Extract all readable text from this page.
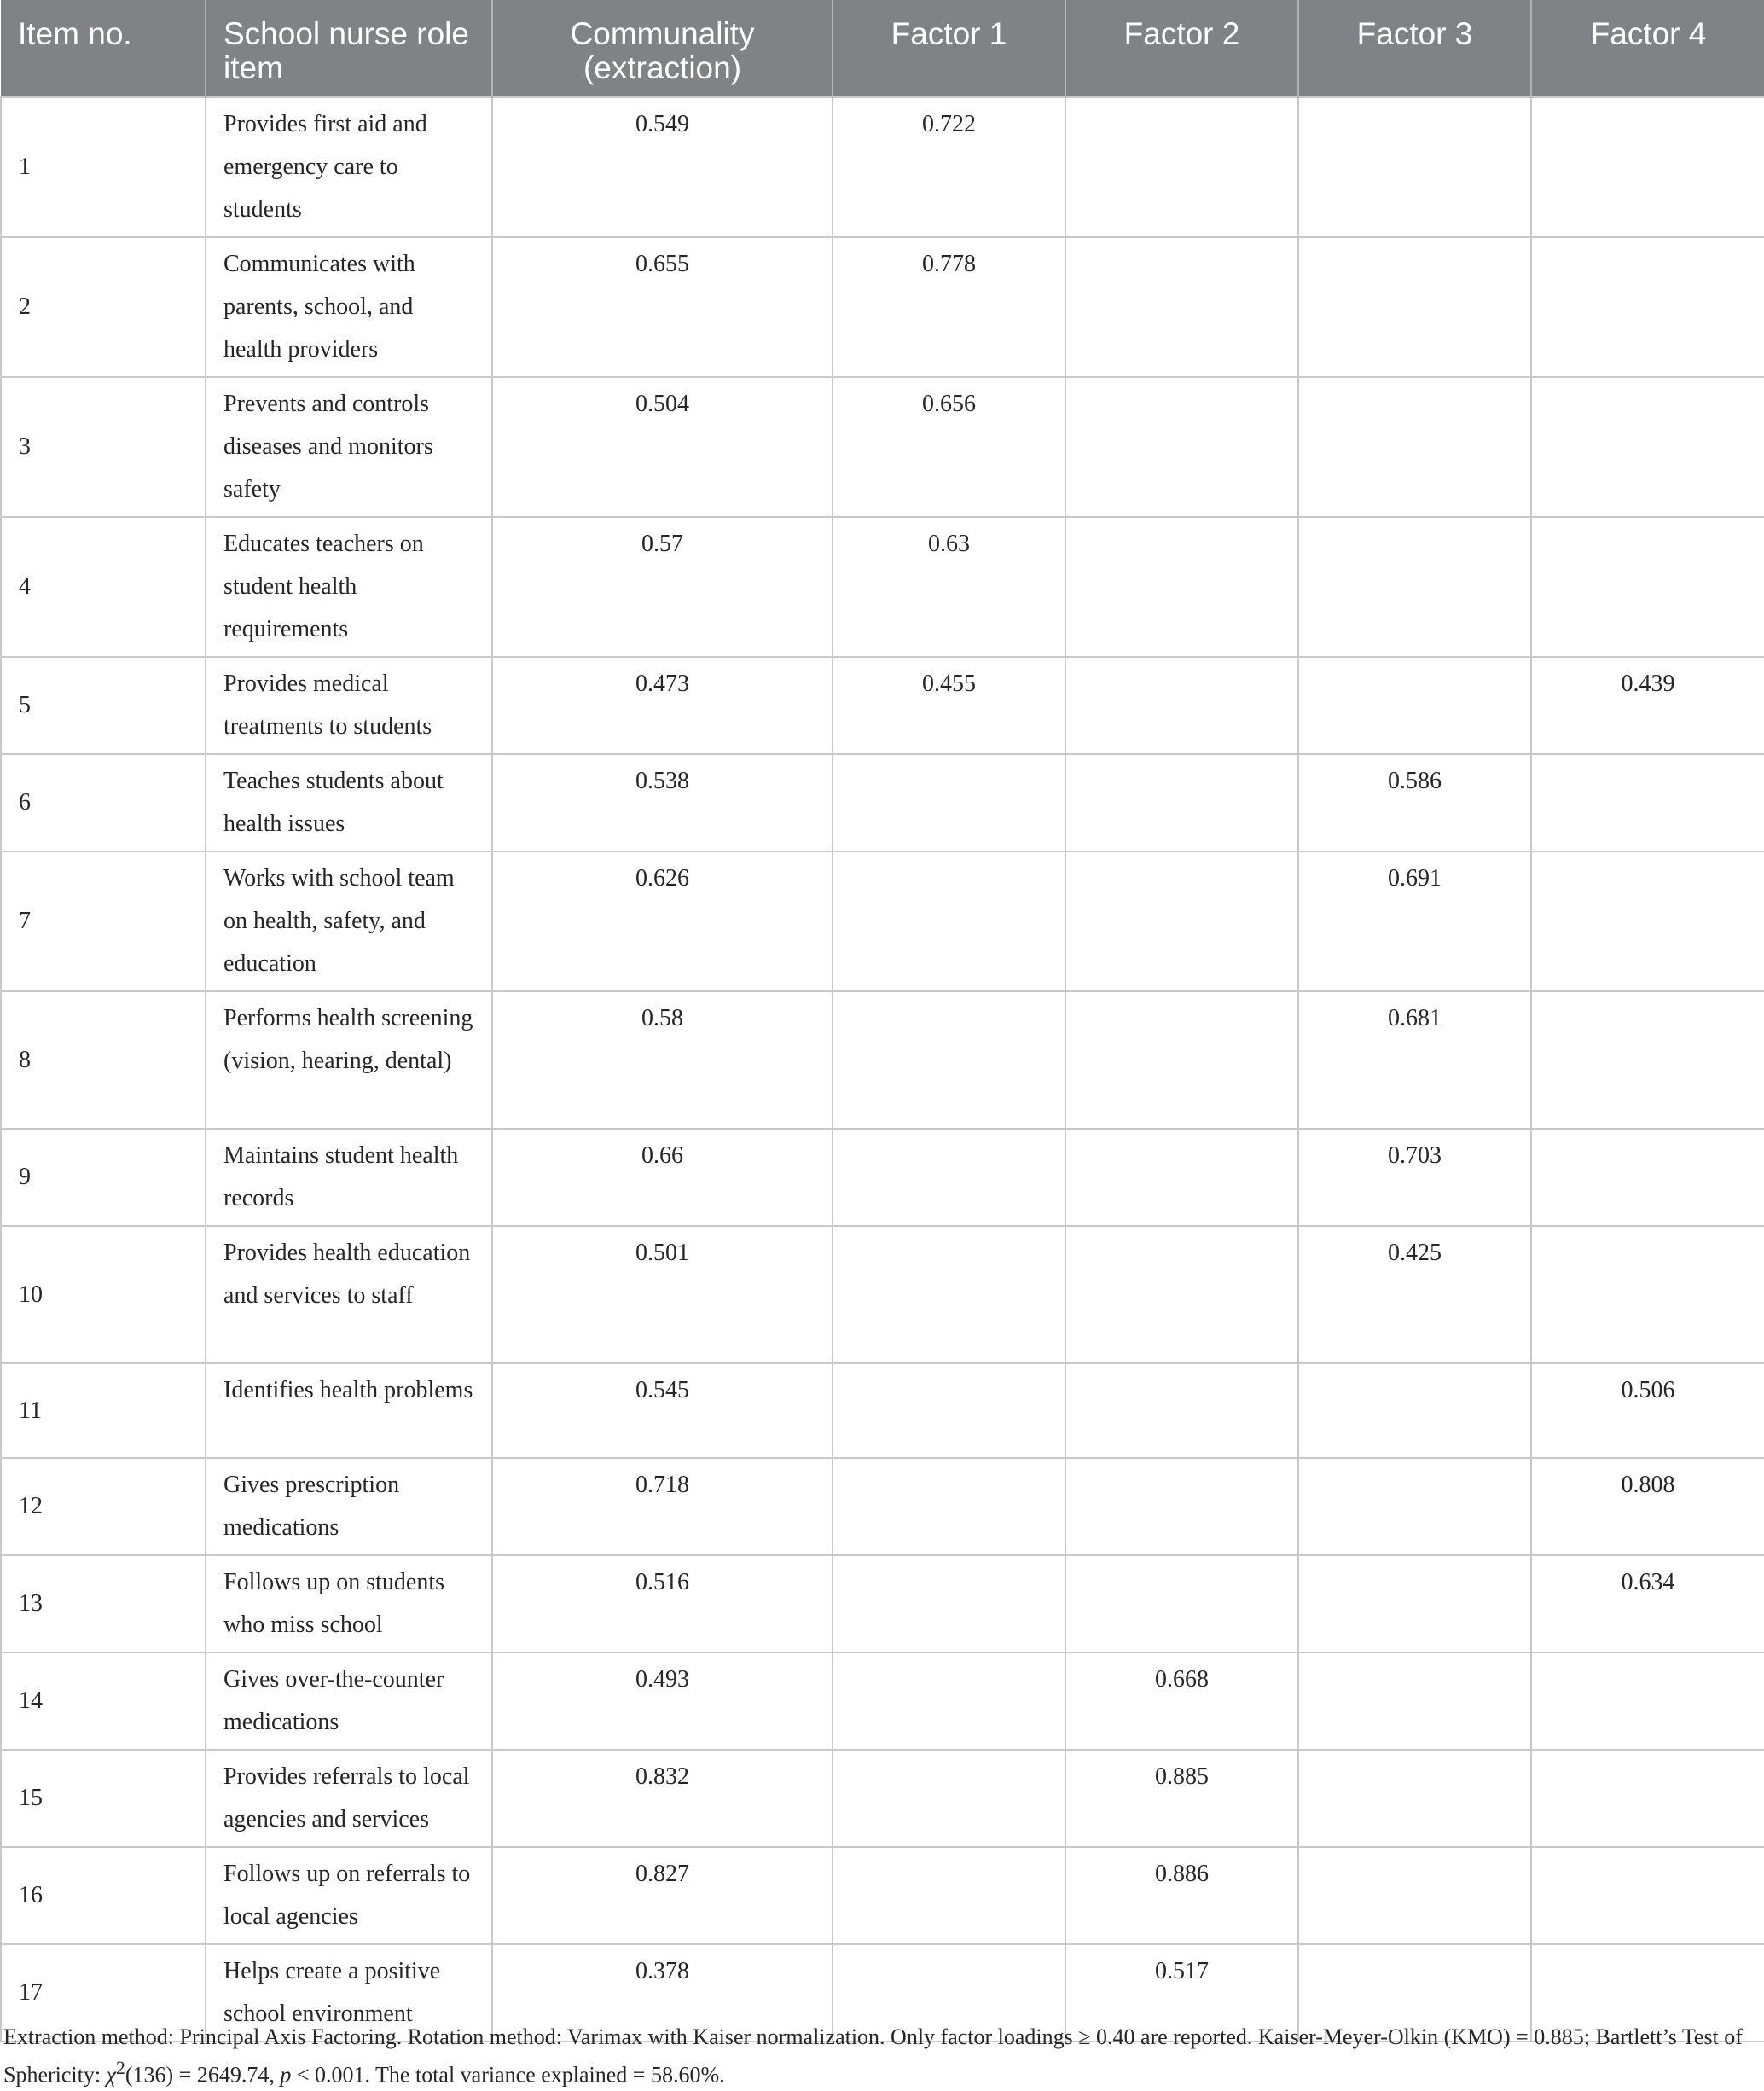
Item no.	School nurse role item	Communality (extraction)	Factor 1	Factor 2	Factor 3	Factor 4
1	Provides first aid and emergency care to students	0.549	0.722			
2	Communicates with parents, school, and health providers	0.655	0.778			
3	Prevents and controls diseases and monitors safety	0.504	0.656			
4	Educates teachers on student health requirements	0.57	0.63			
5	Provides medical treatments to students	0.473	0.455			0.439
6	Teaches students about health issues	0.538			0.586	
7	Works with school team on health, safety, and education	0.626			0.691	
8	Performs health screening (vision, hearing, dental)	0.58			0.681	
9	Maintains student health records	0.66			0.703	
10	Provides health education and services to staff	0.501			0.425	
11	Identifies health problems	0.545				0.506
12	Gives prescription medications	0.718				0.808
13	Follows up on students who miss school	0.516				0.634
14	Gives over-the-counter medications	0.493		0.668		
15	Provides referrals to local agencies and services	0.832		0.885		
16	Follows up on referrals to local agencies	0.827		0.886		
17	Helps create a positive school environment	0.378		0.517		
Extraction method: Principal Axis Factoring. Rotation method: Varimax with Kaiser normalization. Only factor loadings ≥ 0.40 are reported. Kaiser-Meyer-Olkin (KMO) = 0.885; Bartlett’s Test of Sphericity: $\chi^2(136) = 2649.74$, p < 0.001. The total variance explained = 58.60%.
